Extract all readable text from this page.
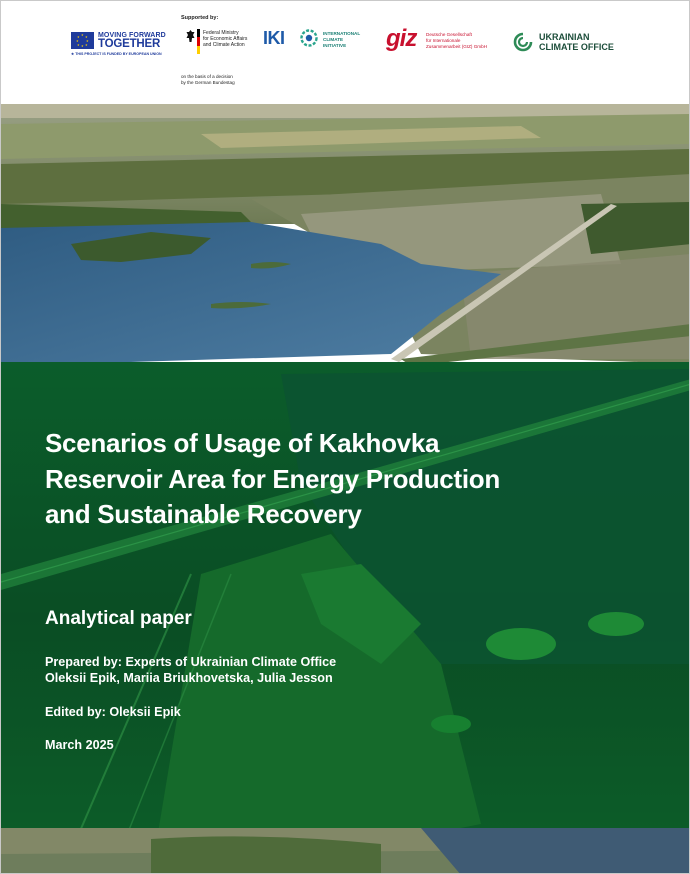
★ ★
★
★
★
★
★
★	MOVING FORWARD
TOGETHER
★ THIS PROJECT IS FUNDED BY EUROPEAN UNION
Supported by:
Federal Ministry
for Economic Affairs
and Climate Action
on the basis of a decision
by the German Bundestag
IKI	INTERNATIONAL
CLIMATE
INITIATIVE	giz Deutsche Gesellschaft
für Internationale
Zusammenarbeit (GIZ) GmbH
UKRAINIAN
CLIMATE OFFICE
Scenarios of Usage of Kakhovka
Reservoir Area for Energy Production
and Sustainable Recovery
Analytical paper
Prepared by: Experts of Ukrainian Climate Office
Oleksii Epik, Mariia Briukhovetska, Julia Jesson
Edited by: Oleksii Epik
March 2025
